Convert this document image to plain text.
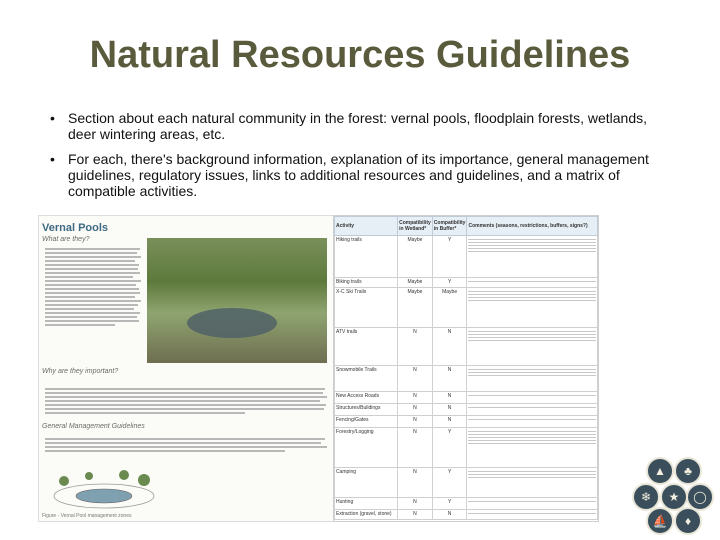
Natural Resources Guidelines
• Section about each natural community in the forest: vernal pools, floodplain forests, wetlands, deer wintering areas, etc.
• For each, there's background information, explanation of its importance, general management guidelines, regulatory issues, links to additional resources and guidelines, and a matrix of compatible activities.
Vernal Pools
What are they?
Why are they important?
General Management Guidelines
Figure - Vernal Pool management zones
Activity	Compatibility in Wetland*	Compatibility in Buffer*	Comments (seasons, restrictions, buffers, signs?)
Hiking trails	Maybe	Y	

Biking trails	Maybe	Y	

X-C Ski Trails	Maybe	Maybe	

ATV trails	N	N	

Snowmobile Trails	N	N	

New Access Roads	N	N	

Structures/Buildings	N	N	

Fencing/Gates	N	N	

Forestry/Logging	N	Y	

Camping	N	Y	

Hunting	N	Y	

Extraction (gravel, stone)	N	N	
▲	♣
❄	★	◯
⛵	♦
